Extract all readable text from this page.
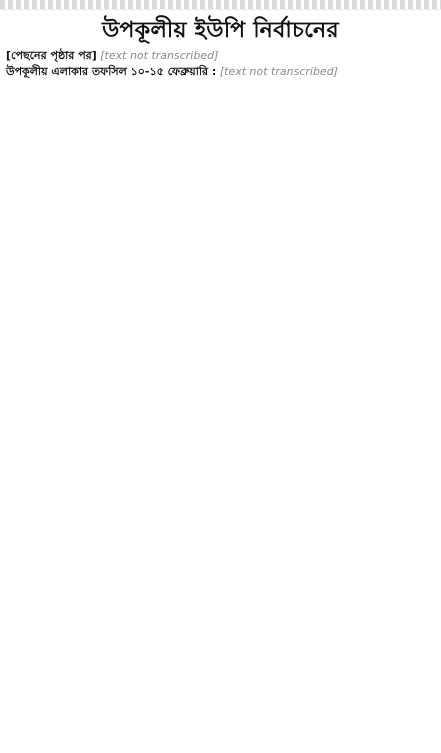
উপকূলীয় ইউপি নির্বাচনের

[পেছনের পৃষ্ঠার পর] [text not transcribed]

উপকূলীয় এলাকার তফসিল ১০-১৫ ফেব্রুয়ারি : [text not transcribed]
